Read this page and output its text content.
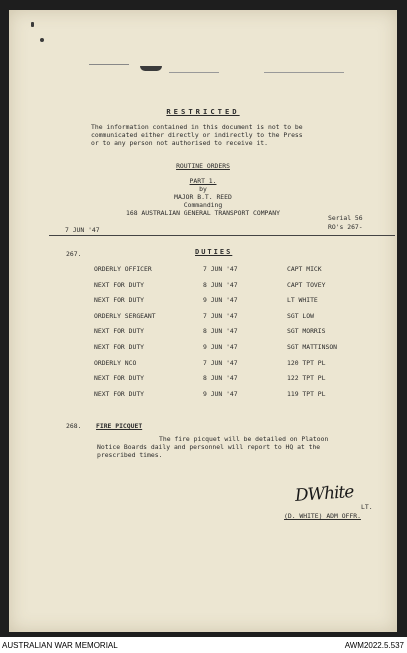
RESTRICTED
The information contained in this document is not to be
communicated either directly or indirectly to the Press
or to any person not authorised to receive it.
ROUTINE ORDERS
PART 1.
by
MAJOR B.T. REED
Commanding
168 AUSTRALIAN GENERAL TRANSPORT COMPANY
7 JUN '47
Serial 56
RO's 267-
267.	DUTIES
ORDERLY OFFICER	7 JUN '47	CAPT MICK
NEXT FOR DUTY	8 JUN '47	CAPT TOVEY
NEXT FOR DUTY	9 JUN '47	LT WHITE
ORDERLY SERGEANT	7 JUN '47	SGT LOW
NEXT FOR DUTY	8 JUN '47	SGT MORRIS
NEXT FOR DUTY	9 JUN '47	SGT MATTINSON
ORDERLY NCO	7 JUN '47	120 TPT PL
NEXT FOR DUTY	8 JUN '47	122 TPT PL
NEXT FOR DUTY	9 JUN '47	119 TPT PL
268. FIRE PICQUET
The fire picquet will be detailed on Platoon
Notice Boards daily and personnel will report to HQ at the
prescribed times.
DWhite
LT.
(D. WHITE) ADM OFFR.
AUSTRALIAN WAR MEMORIAL	AWM2022.5.537
